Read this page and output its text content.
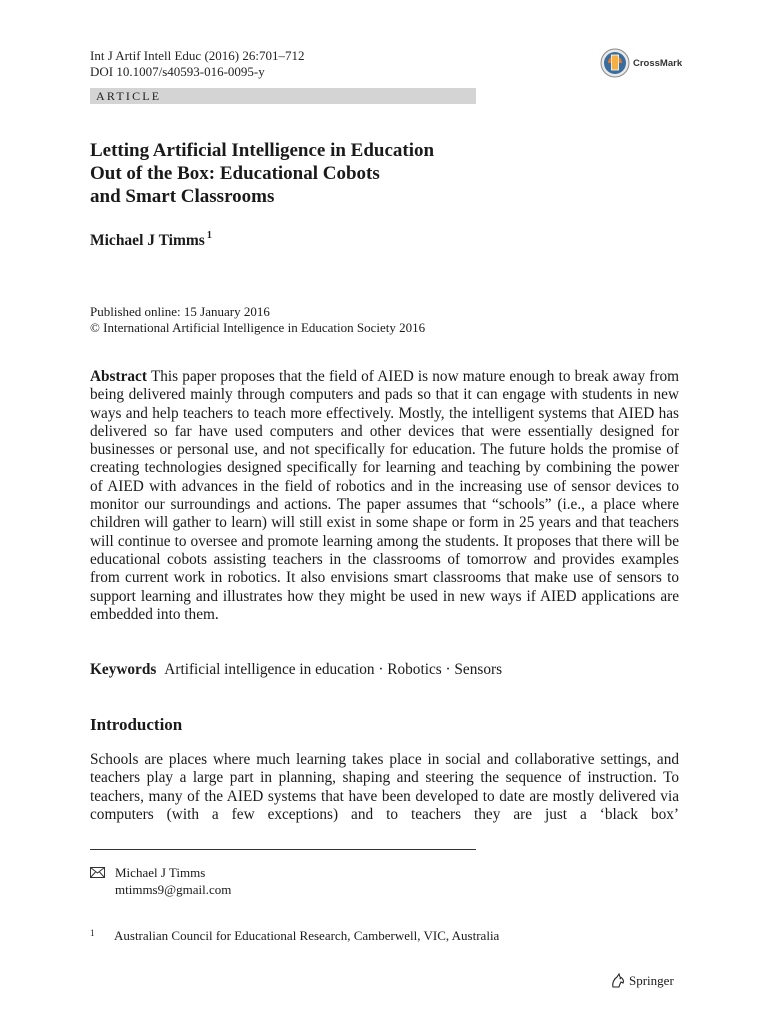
Int J Artif Intell Educ (2016) 26:701–712
DOI 10.1007/s40593-016-0095-y
CrossMark
ARTICLE
Letting Artificial Intelligence in Education
Out of the Box: Educational Cobots
and Smart Classrooms
Michael J Timms $^1$
Published online: 15 January 2016
© International Artificial Intelligence in Education Society 2016
Abstract This paper proposes that the field of AIED is now mature enough to break away from being delivered mainly through computers and pads so that it can engage with students in new ways and help teachers to teach more effectively. Mostly, the intelligent systems that AIED has delivered so far have used computers and other devices that were essentially designed for businesses or personal use, and not specifically for education. The future holds the promise of creating technologies designed specifically for learning and teaching by combining the power of AIED with advances in the field of robotics and in the increasing use of sensor devices to monitor our surroundings and actions. The paper assumes that “schools” (i.e., a place where children will gather to learn) will still exist in some shape or form in 25 years and that teachers will continue to oversee and promote learning among the students. It proposes that there will be educational cobots assisting teachers in the classrooms of tomorrow and provides examples from current work in robotics. It also envisions smart classrooms that make use of sensors to support learning and illustrates how they might be used in new ways if AIED applications are embedded into them.
Keywords Artificial intelligence in education · Robotics · Sensors
Introduction
Schools are places where much learning takes place in social and collaborative settings, and teachers play a large part in planning, shaping and steering the sequence of instruction. To teachers, many of the AIED systems that have been developed to date are mostly delivered via computers (with a few exceptions) and to teachers they are just a ‘black box’
Michael J Timms
mtimms9@gmail.com
1	Australian Council for Educational Research, Camberwell, VIC, Australia
Springer
